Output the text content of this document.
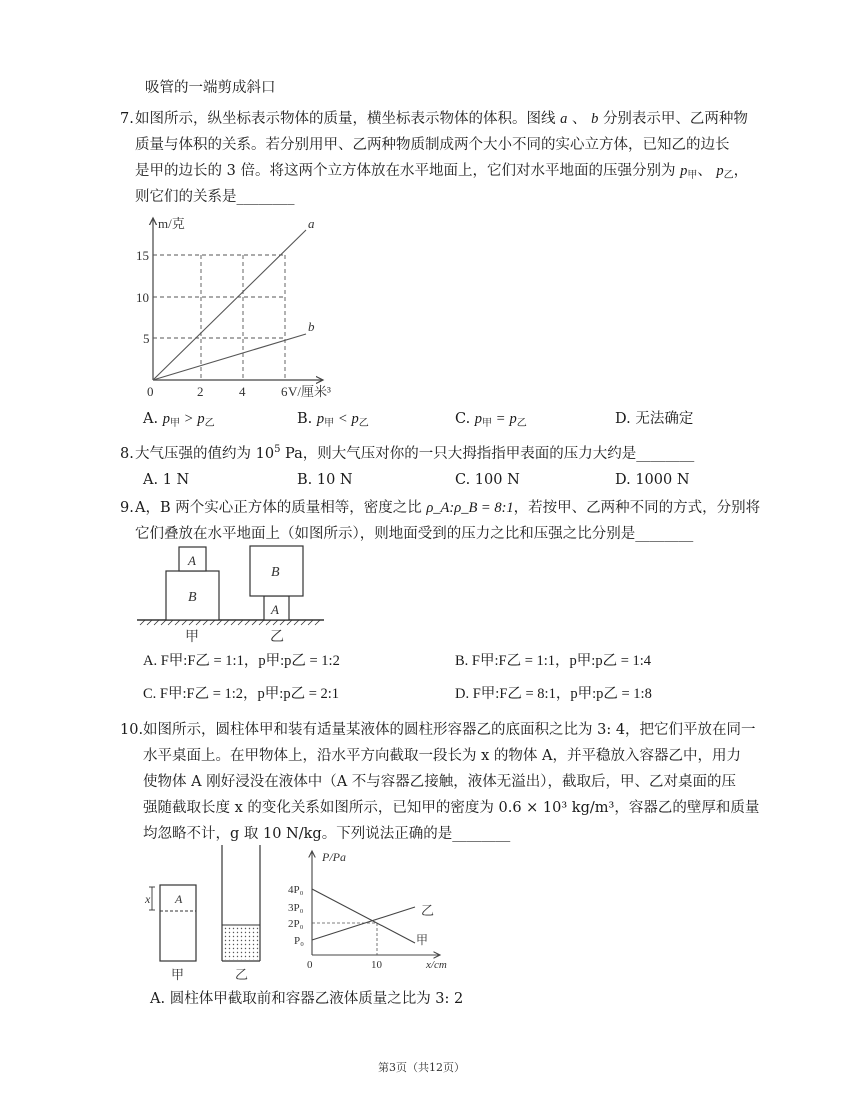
吸管的一端剪成斜口
7. 如图所示，纵坐标表示物体的质量，横坐标表示物体的体积。图线 a 、 b 分别表示甲、乙两种物
质量与体积的关系。若分别用甲、乙两种物质制成两个大小不同的实心立方体，已知乙的边长
是甲的边长的 3 倍。将这两个立方体放在水平地面上，它们对水平地面的压强分别为 $p_甲$、 $p_乙$，
则它们的关系是________
a
b
m/克
15
10
5
0	2	4	6 V/厘米³
A. $p_甲 > p_乙$	B. $p_甲 < p_乙$	C. $p_甲 = p_乙$	D. 无法确定
8. 大气压强的值约为 $10^5$ Pa，则大气压对你的一只大拇指指甲表面的压力大约是________
A. 1 N	B. 10 N	C. 100 N	D. 1000 N
9. A，B 两个实心正方体的质量相等，密度之比 ρ_A:ρ_B = 8:1，若按甲、乙两种不同的方式，分别将
它们叠放在水平地面上（如图所示），则地面受到的压力之比和压强之比分别是________
B
A
A
B
甲	乙
A. F甲:F乙 = 1:1，p甲:p乙 = 1:2	B. F甲:F乙 = 1:1，p甲:p乙 = 1:4
C. F甲:F乙 = 1:2，p甲:p乙 = 2:1	D. F甲:F乙 = 8:1，p甲:p乙 = 1:8
10. 如图所示，圆柱体甲和装有适量某液体的圆柱形容器乙的底面积之比为 3: 4，把它们平放在同一
水平桌面上。在甲物体上，沿水平方向截取一段长为 x 的物体 A，并平稳放入容器乙中，用力
使物体 A 刚好浸没在液体中（A 不与容器乙接触，液体无溢出），截取后，甲、乙对桌面的压
强随截取长度 x 的变化关系如图所示，已知甲的密度为 0.6 × 10³ kg/m³，容器乙的壁厚和质量
均忽略不计，g 取 10 N/kg。下列说法正确的是________
x A
甲	乙
P/Pa
乙
甲
4P₀
3P₀
2P₀
P₀
0	10	x/cm
A. 圆柱体甲截取前和容器乙液体质量之比为 3: 2
第3页（共12页）
